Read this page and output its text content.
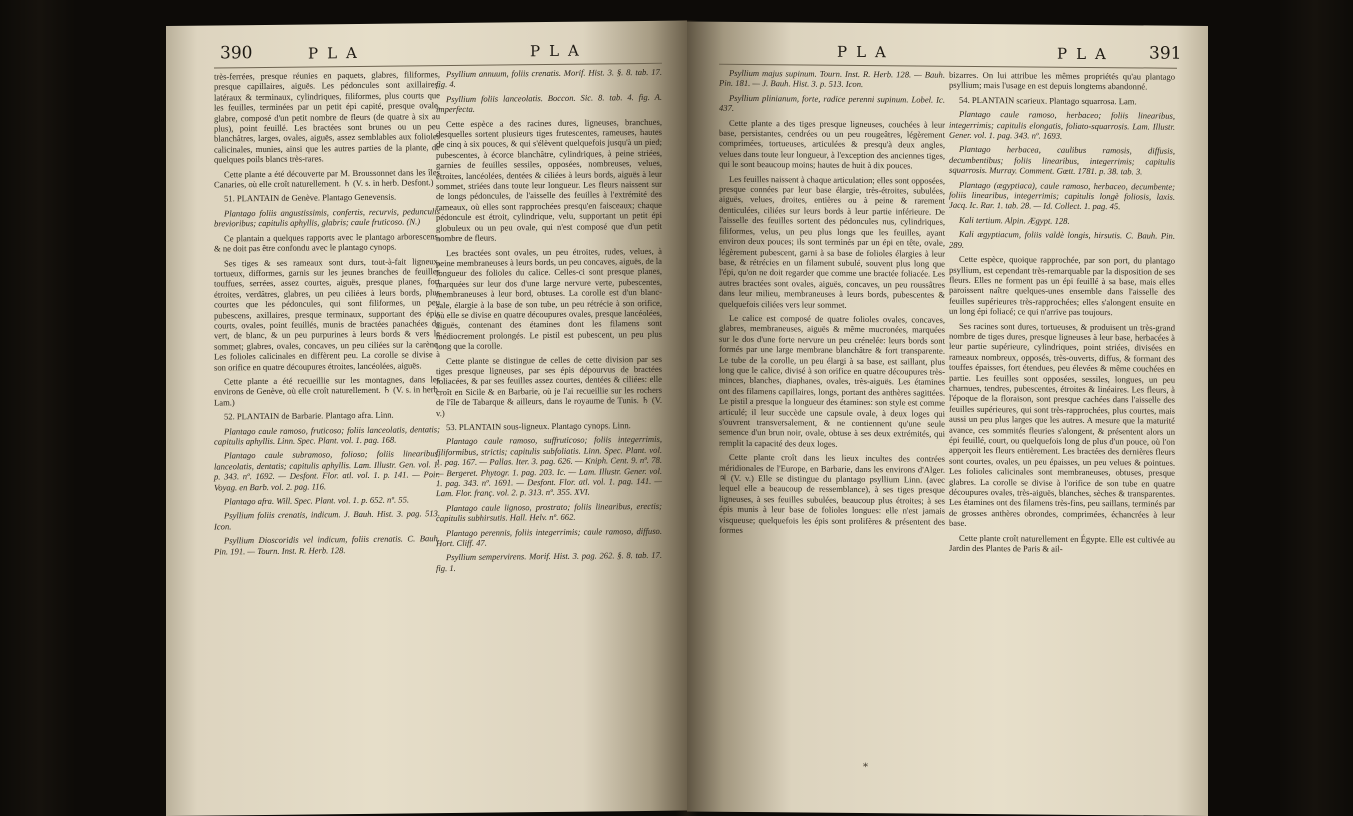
390	PLA	PLA

très-ferrées, presque réunies en paquets, glabres, filiformes, presque capillaires, aiguës. Les pédoncules sont axillaires, latéraux & terminaux, cylindriques, filiformes, plus courts que les feuilles, terminées par un petit épi capité, presque ovale, glabre, composé d'un petit nombre de fleurs (de quatre à six au plus), point feuillé. Les bractées sont brunes ou un peu blanchâtres, larges, ovales, aiguës, assez semblables aux folioles calicinales, munies, ainsi que les autres parties de la plante, de quelques poils blancs très-rares.

Cette plante a été découverte par M. Broussonnet dans les îles Canaries, où elle croît naturellement. ♄ (V. s. in herb. Desfont.)

51. PLANTAIN de Genève. Plantago Genevensis.

Plantago foliis angustissimis, confertis, recurvis, pedunculis brevioribus; capitulis aphyllis, glabris; caule fruticoso. (N.)

Ce plantain a quelques rapports avec le plantago arborescens, & ne doit pas être confondu avec le plantago cynops.

Ses tiges & ses rameaux sont durs, tout-à-fait ligneux, tortueux, difformes, garnis sur les jeunes branches de feuilles touffues, serrées, assez courtes, aiguës, presque planes, fort étroites, verdâtres, glabres, un peu ciliées à leurs bords, plus courtes que les pédoncules, qui sont filiformes, un peu pubescens, axillaires, presque terminaux, supportant des épis courts, ovales, point feuillés, munis de bractées panachées de vert, de blanc, & un peu purpurines à leurs bords & vers le sommet; glabres, ovales, concaves, un peu ciliées sur la carène. Les folioles calicinales en diffèrent peu. La corolle se divise à son orifice en quatre découpures étroites, lancéolées, aiguës.

Cette plante a été recueillie sur les montagnes, dans les environs de Genève, où elle croît naturellement. ♄ (V. s. in herb. Lam.)

52. PLANTAIN de Barbarie. Plantago afra. Linn.

Plantago caule ramoso, fruticoso; foliis lanceolatis, dentatis; capitulis aphyllis. Linn. Spec. Plant. vol. 1. pag. 168.

Plantago caule subramoso, folioso; foliis linearibus, lanceolatis, dentatis; capitulis aphyllis. Lam. Illustr. Gen. vol. 1. p. 343. nº. 1692. — Desfont. Flor. atl. vol. 1. p. 141. — Poir. Voyag. en Barb. vol. 2. pag. 116.

Plantago afra. Will. Spec. Plant. vol. 1. p. 652. nº. 55.

Psyllium foliis crenatis, indicum. J. Bauh. Hist. 3. pag. 513. Icon.

Psyllium Dioscoridis vel indicum, foliis crenatis. C. Bauh. Pin. 191. — Tourn. Inst. R. Herb. 128.

Psyllium annuum, foliis crenatis. Morif. Hist. 3. §. 8. tab. 17. fig. 4.

Psyllium foliis lanceolatis. Boccon. Sic. 8. tab. 4. fig. A. imperfecta.

Cette espèce a des racines dures, ligneuses, branchues, desquelles sortent plusieurs tiges frutescentes, rameuses, hautes de cinq à six pouces, & qui s'élèvent quelquefois jusqu'à un pied; pubescentes, à écorce blanchâtre, cylindriques, à peine striées, garnies de feuilles sessiles, opposées, nombreuses, velues, étroites, lancéolées, dentées & ciliées à leurs bords, aiguës à leur sommet, striées dans toute leur longueur. Les fleurs naissent sur de longs pédoncules, de l'aisselle des feuilles à l'extrémité des rameaux, où elles sont rapprochées presqu'en faisceaux; chaque pédoncule est étroit, cylindrique, velu, supportant un petit épi globuleux ou un peu ovale, qui n'est composé que d'un petit nombre de fleurs.

Les bractées sont ovales, un peu étroites, rudes, velues, à peine membraneuses à leurs bords, un peu concaves, aiguës, de la longueur des folioles du calice. Celles-ci sont presque planes, marquées sur leur dos d'une large nervure verte, pubescentes, membraneuses à leur bord, obtuses. La corolle est d'un blanc-sale, élargie à la base de son tube, un peu rétrécie à son orifice, où elle se divise en quatre découpures ovales, presque lancéolées, aiguës, contenant des étamines dont les filamens sont médiocrement prolongés. Le pistil est pubescent, un peu plus long que la corolle.

Cette plante se distingue de celles de cette division par ses tiges presque ligneuses, par ses épis dépourvus de bractées foliacées, & par ses feuilles assez courtes, dentées & ciliées: elle croît en Sicile & en Barbarie, où je l'ai recueillie sur les rochers de l'île de Tabarque & ailleurs, dans le royaume de Tunis. ♄ (V. v.)

53. PLANTAIN sous-ligneux. Plantago cynops. Linn.

Plantago caule ramoso, suffruticoso; foliis integerrimis, filiformibus, strictis; capitulis subfoliatis. Linn. Spec. Plant. vol. 1. pag. 167. — Pallas. Iter. 3. pag. 626. — Kniph. Cent. 9. nº. 78. — Bergeret. Phytogr. 1. pag. 203. Ic. — Lam. Illustr. Gener. vol. 1. pag. 343. nº. 1691. — Desfont. Flor. atl. vol. 1. pag. 141. — Lam. Flor. franç. vol. 2. p. 313. nº. 355. XVI.

Plantago caule lignoso, prostrato; foliis linearibus, erectis; capitulis subhirsutis. Hall. Helv. nº. 662.

Plantago perennis, foliis integerrimis; caule ramoso, diffuso. Hort. Cliff. 47.

Psyllium sempervirens. Morif. Hist. 3. pag. 262. §. 8. tab. 17. fig. 1.

PLA	PLA 391

Psyllium majus supinum. Tourn. Inst. R. Herb. 128. — Bauh. Pin. 181. — J. Bauh. Hist. 3. p. 513. Icon.

Psyllium plinianum, forte, radice perenni supinum. Lobel. Ic. 437.

Cette plante a des tiges presque ligneuses, couchées à leur base, persistantes, cendrées ou un peu rougeâtres, légèrement comprimées, tortueuses, articulées & presqu'à deux angles, velues dans toute leur longueur, à l'exception des anciennes tiges, qui le sont beaucoup moins; hautes de huit à dix pouces.

Les feuilles naissent à chaque articulation; elles sont opposées, presque connées par leur base élargie, très-étroites, subulées, aiguës, velues, droites, entières ou à peine & rarement denticulées, ciliées sur leurs bords à leur partie inférieure. De l'aisselle des feuilles sortent des pédoncules nus, cylindriques, filiformes, velus, un peu plus longs que les feuilles, ayant environ deux pouces; ils sont terminés par un épi en tête, ovale, légèrement pubescent, garni à sa base de folioles élargies à leur base, & rétrécies en un filament subulé, souvent plus long que l'épi, qu'on ne doit regarder que comme une bractée foliacée. Les autres bractées sont ovales, aiguës, concaves, un peu roussâtres dans leur milieu, membraneuses à leurs bords, pubescentes & quelquefois ciliées vers leur sommet.

Le calice est composé de quatre folioles ovales, concaves, glabres, membraneuses, aiguës & même mucronées, marquées sur le dos d'une forte nervure un peu crénelée: leurs bords sont formés par une large membrane blanchâtre & fort transparente. Le tube de la corolle, un peu élargi à sa base, est saillant, plus long que le calice, divisé à son orifice en quatre découpures très-minces, blanches, diaphanes, ovales, très-aiguës. Les étamines ont des filamens capillaires, longs, portant des anthères sagittées. Le pistil a presque la longueur des étamines: son style est comme articulé; il leur succède une capsule ovale, à deux loges qui s'ouvrent transversalement, & ne contiennent qu'une seule semence d'un brun noir, ovale, obtuse à ses deux extrémités, qui remplit la capacité des deux loges.

Cette plante croît dans les lieux incultes des contrées méridionales de l'Europe, en Barbarie, dans les environs d'Alger. ♃ (V. v.) Elle se distingue du plantago psyllium Linn. (avec lequel elle a beaucoup de ressemblance), à ses tiges presque ligneuses, à ses feuilles subulées, beaucoup plus étroites; à ses épis munis à leur base de folioles longues: elle n'est jamais visqueuse; quelquefois les épis sont prolifères & présentent des formes

bizarres. On lui attribue les mêmes propriétés qu'au plantago psyllium; mais l'usage en est depuis longtems abandonné.

54. PLANTAIN scarieux. Plantago squarrosa. Lam.

Plantago caule ramoso, herbaceo; foliis linearibus, integerrimis; capitulis elongatis, foliato-squarrosis. Lam. Illustr. Gener. vol. 1. pag. 343. nº. 1693.

Plantago herbacea, caulibus ramosis, diffusis, decumbentibus; foliis linearibus, integerrimis; capitulis squarrosis. Murray. Comment. Gœtt. 1781. p. 38. tab. 3.

Plantago (ægyptiaca), caule ramoso, herbaceo, decumbente; foliis linearibus, integerrimis; capitulis longè foliosis, laxis. Jacq. Ic. Rar. 1. tab. 28. — Id. Collect. 1. pag. 45.

Kali tertium. Alpin. Ægypt. 128.

Kali ægyptiacum, foliis valdè longis, hirsutis. C. Bauh. Pin. 289.

Cette espèce, quoique rapprochée, par son port, du plantago psyllium, est cependant très-remarquable par la disposition de ses fleurs. Elles ne forment pas un épi feuillé à sa base, mais elles paroissent naître quelques-unes ensemble dans l'aisselle des feuilles supérieures très-rapprochées; elles s'alongent ensuite en un long épi foliacé; ce qui n'arrive pas toujours.

Ses racines sont dures, tortueuses, & produisent un très-grand nombre de tiges dures, presque ligneuses à leur base, herbacées à leur partie supérieure, cylindriques, point striées, divisées en rameaux nombreux, opposés, très-ouverts, diffus, & formant des touffes épaisses, fort étendues, peu élevées & même couchées en partie. Les feuilles sont opposées, sessiles, longues, un peu charnues, tendres, pubescentes, étroites & linéaires. Les fleurs, à l'époque de la floraison, sont presque cachées dans l'aisselle des feuilles supérieures, qui sont très-rapprochées, plus courtes, mais aussi un peu plus larges que les autres. A mesure que la maturité avance, ces sommités fleuries s'alongent, & présentent alors un épi feuillé, court, ou quelquefois long de plus d'un pouce, où l'on apperçoit les fleurs entièrement. Les bractées des dernières fleurs sont courtes, ovales, un peu épaisses, un peu velues & pointues. Les folioles calicinales sont membraneuses, obtuses, presque glabres. La corolle se divise à l'orifice de son tube en quatre découpures ovales, très-aiguës, blanches, sèches & transparentes. Les étamines ont des filamens très-fins, peu saillans, terminés par de grosses anthères obrondes, comprimées, échancrées à leur base.

Cette plante croît naturellement en Égypte. Elle est cultivée au Jardin des Plantes de Paris & ail-

*
